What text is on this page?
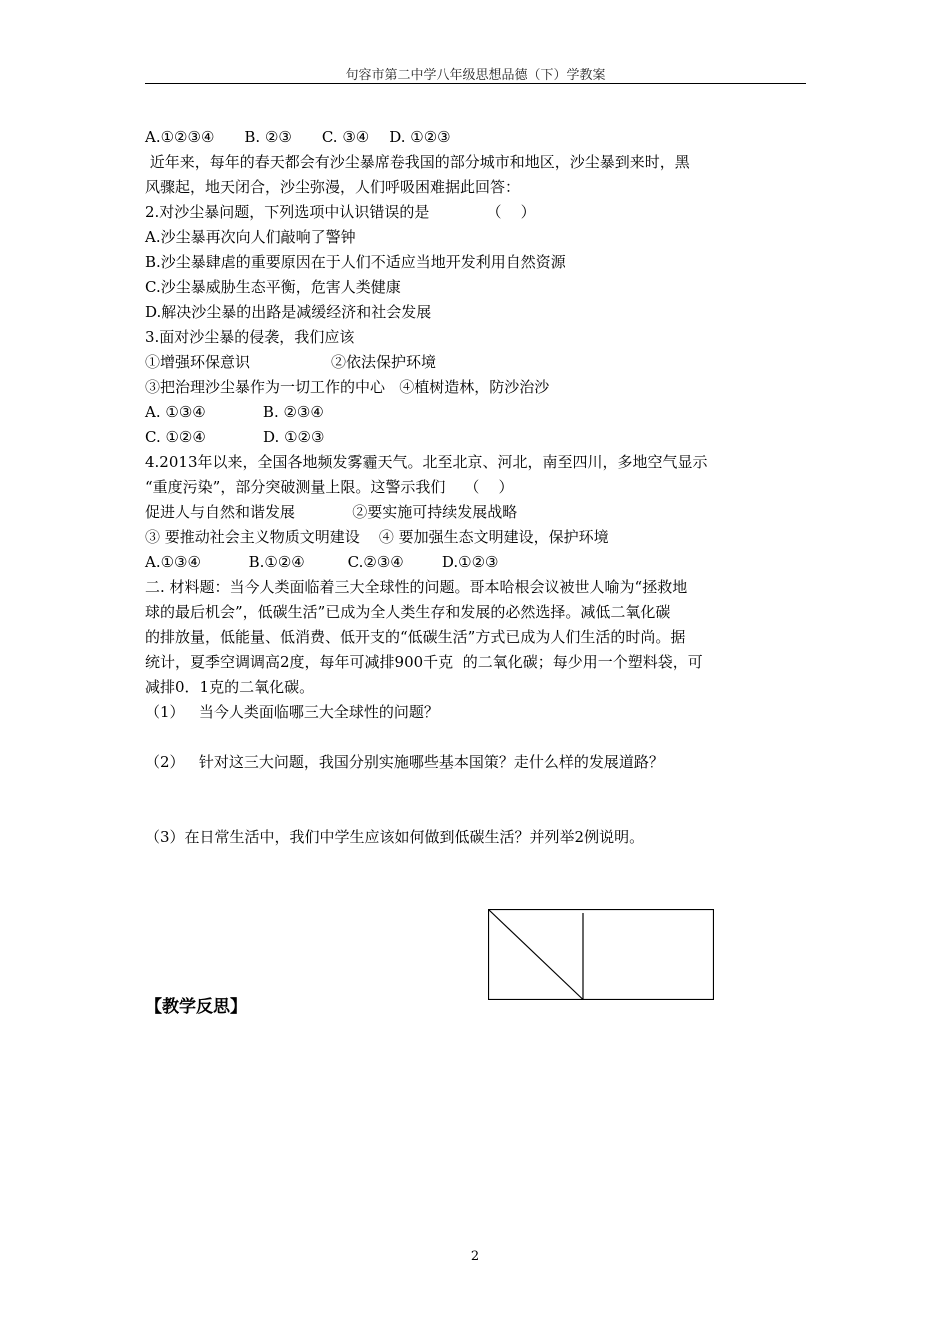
句容市第二中学八年级思想品德（下）学教案
A.①②③④ B. ②③ C. ③④ D. ①②③
近年来，每年的春天都会有沙尘暴席卷我国的部分城市和地区，沙尘暴到来时，黑
风骤起，地天闭合，沙尘弥漫，人们呼吸困难据此回答：
2.对沙尘暴问题，下列选项中认识错误的是            （    ）
A.沙尘暴再次向人们敲响了警钟
B.沙尘暴肆虐的重要原因在于人们不适应当地开发利用自然资源
C.沙尘暴威胁生态平衡，危害人类健康
D.解决沙尘暴的出路是减缓经济和社会发展
3.面对沙尘暴的侵袭，我们应该
①增强环保意识                 ②依法保护环境
③把治理沙尘暴作为一切工作的中心   ④植树造林，防沙治沙
A. ①③④            B. ②③④
C. ①②④            D. ①②③
4.2013年以来，全国各地频发雾霾天气。北至北京、河北，南至四川，多地空气显示
“重度污染”，部分突破测量上限。这警示我们    （    ）
促进人与自然和谐发展            ②要实施可持续发展战略
③ 要推动社会主义物质文明建设    ④ 要加强生态文明建设，保护环境
A.①③④          B.①②④         C.②③④        D.①②③
二. 材料题：当今人类面临着三大全球性的问题。哥本哈根会议被世人喻为“拯救地
球的最后机会”，低碳生活”已成为全人类生存和发展的必然选择。减低二氧化碳
的排放量，低能量、低消费、低开支的“低碳生活”方式已成为人们生活的时尚。据
统计，夏季空调调高2度，每年可减排900千克  的二氧化碳；每少用一个塑料袋，可
减排0．1克的二氧化碳。
（1）   当今人类面临哪三大全球性的问题？
（2）   针对这三大问题，我国分别实施哪些基本国策？走什么样的发展道路？
（3）在日常生活中，我们中学生应该如何做到低碳生活？并列举2例说明。
【教学反思】
2
